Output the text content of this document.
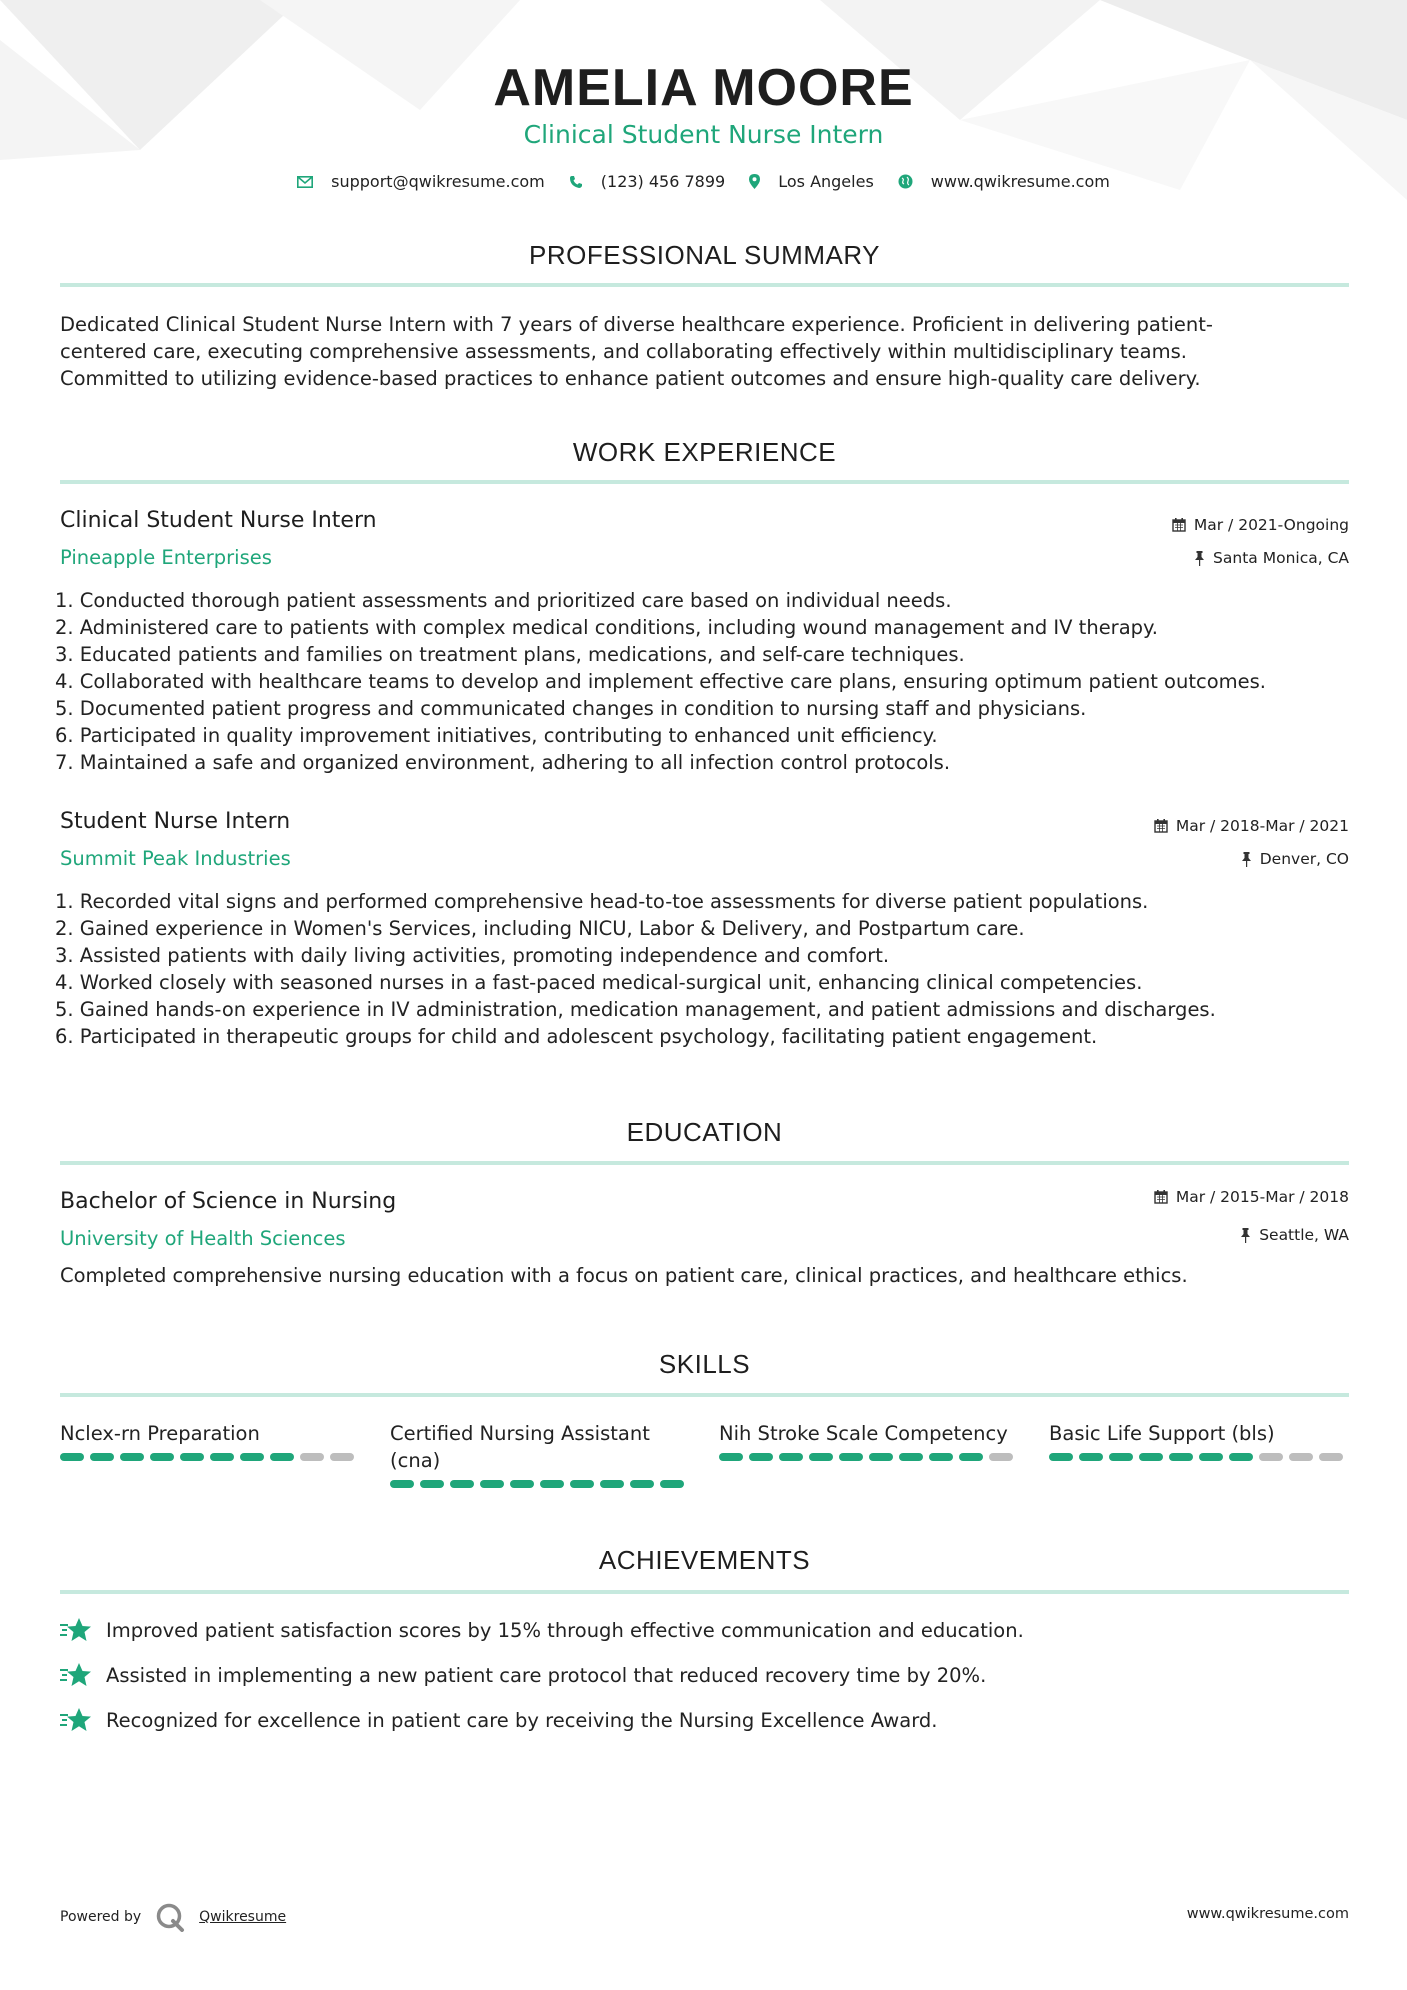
AMELIA MOORE
Clinical Student Nurse Intern
support@qwikresume.com	(123) 456 7899	Los Angeles	www.qwikresume.com
PROFESSIONAL SUMMARY
Dedicated Clinical Student Nurse Intern with 7 years of diverse healthcare experience. Proficient in delivering patient-
centered care, executing comprehensive assessments, and collaborating effectively within multidisciplinary teams.
Committed to utilizing evidence-based practices to enhance patient outcomes and ensure high-quality care delivery.
WORK EXPERIENCE
Clinical Student Nurse Intern	Mar / 2021-Ongoing
Pineapple Enterprises	Santa Monica, CA
1. Conducted thorough patient assessments and prioritized care based on individual needs.
2. Administered care to patients with complex medical conditions, including wound management and IV therapy.
3. Educated patients and families on treatment plans, medications, and self-care techniques.
4. Collaborated with healthcare teams to develop and implement effective care plans, ensuring optimum patient outcomes.
5. Documented patient progress and communicated changes in condition to nursing staff and physicians.
6. Participated in quality improvement initiatives, contributing to enhanced unit efficiency.
7. Maintained a safe and organized environment, adhering to all infection control protocols.
Student Nurse Intern	Mar / 2018-Mar / 2021
Summit Peak Industries	Denver, CO
1. Recorded vital signs and performed comprehensive head-to-toe assessments for diverse patient populations.
2. Gained experience in Women's Services, including NICU, Labor & Delivery, and Postpartum care.
3. Assisted patients with daily living activities, promoting independence and comfort.
4. Worked closely with seasoned nurses in a fast-paced medical-surgical unit, enhancing clinical competencies.
5. Gained hands-on experience in IV administration, medication management, and patient admissions and discharges.
6. Participated in therapeutic groups for child and adolescent psychology, facilitating patient engagement.
EDUCATION
Bachelor of Science in Nursing	Mar / 2015-Mar / 2018
University of Health Sciences	Seattle, WA
Completed comprehensive nursing education with a focus on patient care, clinical practices, and healthcare ethics.
SKILLS
Nclex-rn Preparation	Certified Nursing Assistant (cna)
Nih Stroke Scale Competency	Basic Life Support (bls)
ACHIEVEMENTS
Improved patient satisfaction scores by 15% through effective communication and education.
Assisted in implementing a new patient care protocol that reduced recovery time by 20%.
Recognized for excellence in patient care by receiving the Nursing Excellence Award.
Powered by	Qwikresume	www.qwikresume.com
